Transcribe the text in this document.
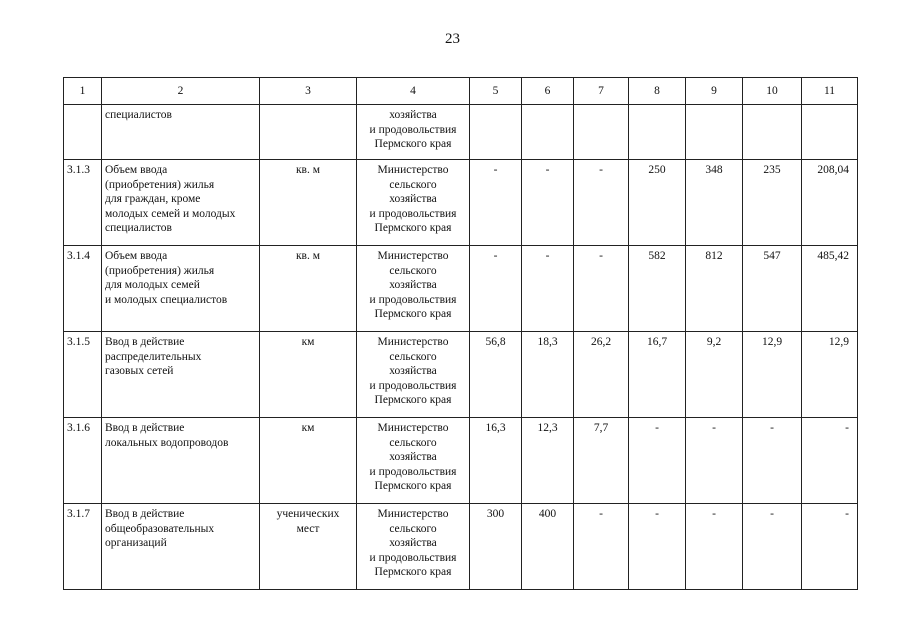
23
1	2	3	4	5	6	7	8	9	10	11

	специалистов		хозяйства
и продовольствия
Пермского края							

3.1.3	Объем ввода
(приобретения) жилья
для граждан, кроме
молодых семей и молодых
специалистов	кв. м	Министерство
сельского
хозяйства
и продовольствия
Пермского края	-	-	-	250	348	235	208,04
3.1.4	Объем ввода
(приобретения) жилья
для молодых семей
и молодых специалистов	кв. м	Министерство
сельского
хозяйства
и продовольствия
Пермского края	-	-	-	582	812	547	485,42
3.1.5	Ввод в действие
распределительных
газовых сетей	км	Министерство
сельского
хозяйства
и продовольствия
Пермского края	56,8	18,3	26,2	16,7	9,2	12,9	12,9
3.1.6	Ввод в действие
локальных водопроводов	км	Министерство
сельского
хозяйства
и продовольствия
Пермского края	16,3	12,3	7,7	-	-	-	-
3.1.7	Ввод в действие
общеобразовательных
организаций	ученических
мест	Министерство
сельского
хозяйства
и продовольствия
Пермского края	300	400	-	-	-	-	-
